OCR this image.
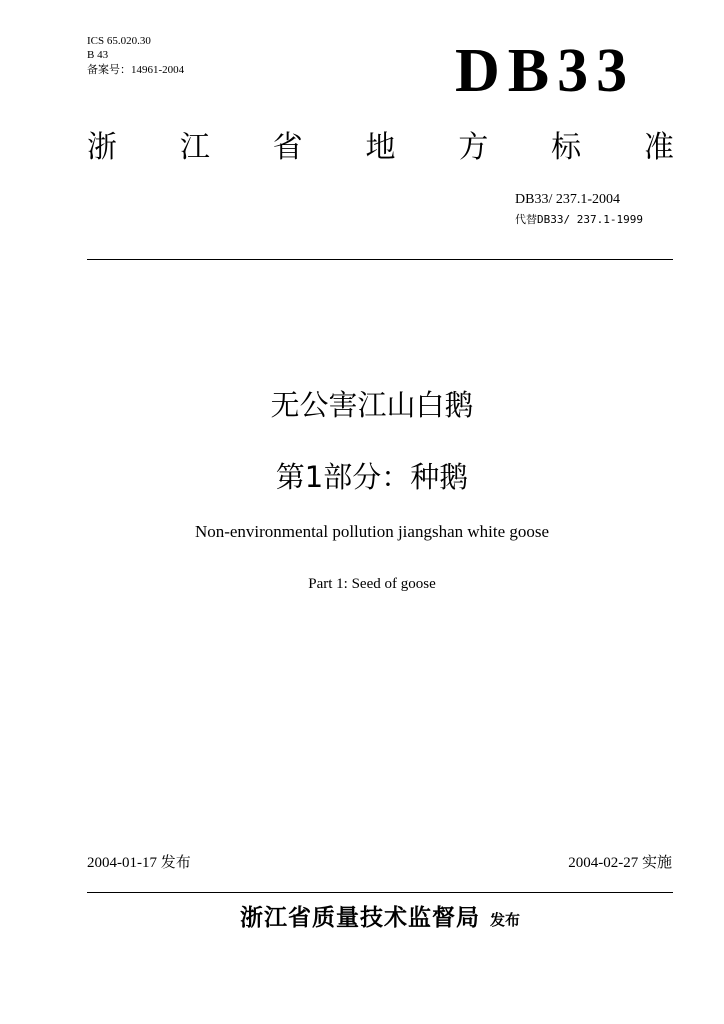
ICS 65.020.30
B 43
备案号：14961-2004	DB33
浙 江 省 地 方 标 准
DB33/ 237.1-2004
代替DB33/ 237.1-1999
无公害江山白鹅
第1部分：种鹅
Non-environmental pollution jiangshan white goose
Part 1: Seed of goose
2004-01-17 发布	2004-02-27 实施
浙江省质量技术监督局 发布
